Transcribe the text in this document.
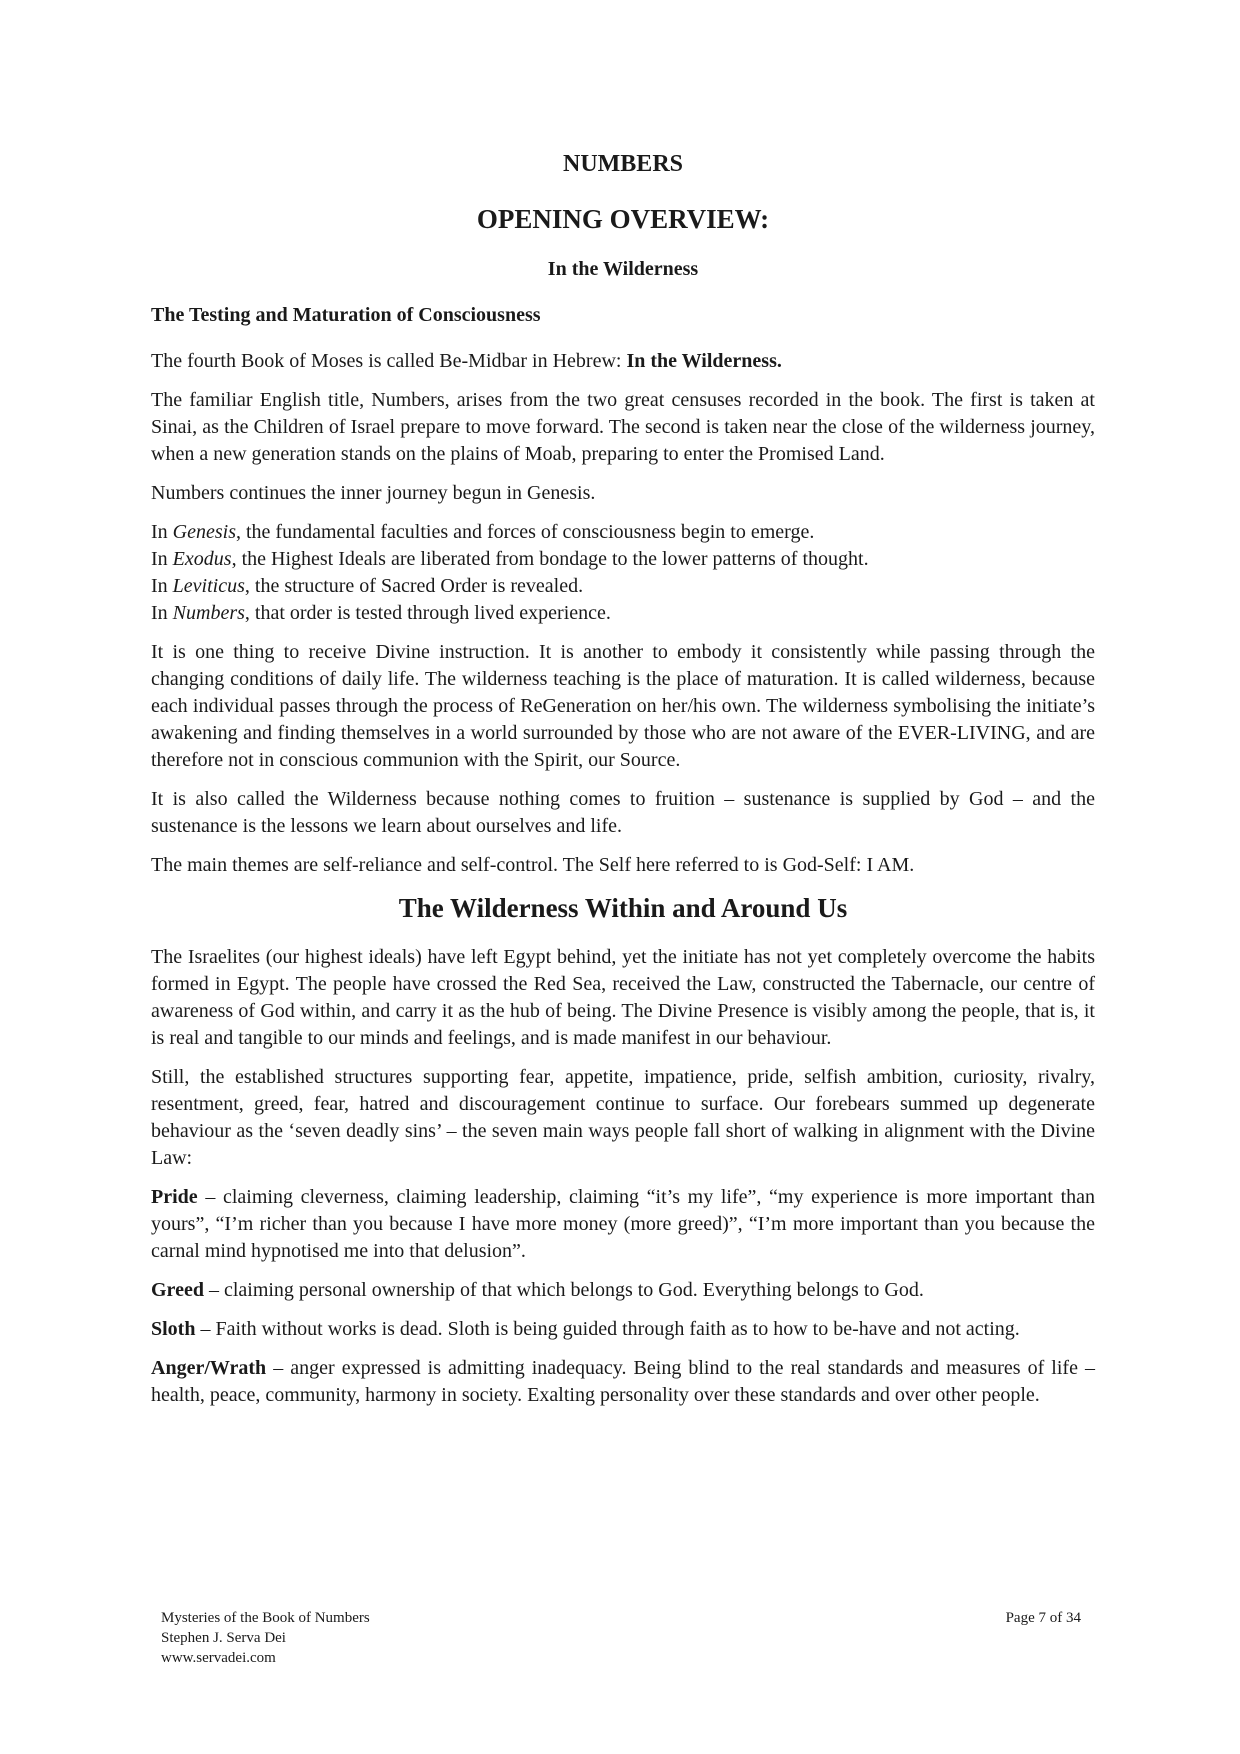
NUMBERS
OPENING OVERVIEW:
In the Wilderness
The Testing and Maturation of Consciousness

The fourth Book of Moses is called Be-Midbar in Hebrew: In the Wilderness.

The familiar English title, Numbers, arises from the two great censuses recorded in the book. The first is taken at Sinai, as the Children of Israel prepare to move forward. The second is taken near the close of the wilderness journey, when a new generation stands on the plains of Moab, preparing to enter the Promised Land.

Numbers continues the inner journey begun in Genesis.

In Genesis, the fundamental faculties and forces of consciousness begin to emerge.
In Exodus, the Highest Ideals are liberated from bondage to the lower patterns of thought.
In Leviticus, the structure of Sacred Order is revealed.
In Numbers, that order is tested through lived experience.

It is one thing to receive Divine instruction. It is another to embody it consistently while passing through the changing conditions of daily life. The wilderness teaching is the place of maturation. It is called wilderness, because each individual passes through the process of ReGeneration on her/his own. The wilderness symbolising the initiate’s awakening and finding themselves in a world surrounded by those who are not aware of the EVER-LIVING, and are therefore not in conscious communion with the Spirit, our Source.

It is also called the Wilderness because nothing comes to fruition – sustenance is supplied by God – and the sustenance is the lessons we learn about ourselves and life.

The main themes are self-reliance and self-control. The Self here referred to is God-Self: I AM.

The Wilderness Within and Around Us

The Israelites (our highest ideals) have left Egypt behind, yet the initiate has not yet completely overcome the habits formed in Egypt. The people have crossed the Red Sea, received the Law, constructed the Tabernacle, our centre of awareness of God within, and carry it as the hub of being. The Divine Presence is visibly among the people, that is, it is real and tangible to our minds and feelings, and is made manifest in our behaviour.

Still, the established structures supporting fear, appetite, impatience, pride, selfish ambition, curiosity, rivalry, resentment, greed, fear, hatred and discouragement continue to surface. Our forebears summed up degenerate behaviour as the ‘seven deadly sins’ – the seven main ways people fall short of walking in alignment with the Divine Law:

Pride – claiming cleverness, claiming leadership, claiming “it’s my life”, “my experience is more important than yours”, “I’m richer than you because I have more money (more greed)”, “I’m more important than you because the carnal mind hypnotised me into that delusion”.

Greed – claiming personal ownership of that which belongs to God. Everything belongs to God.

Sloth – Faith without works is dead. Sloth is being guided through faith as to how to be-have and not acting.

Anger/Wrath – anger expressed is admitting inadequacy. Being blind to the real standards and measures of life – health, peace, community, harmony in society. Exalting personality over these standards and over other people.

Mysteries of the Book of Numbers
Stephen J. Serva Dei
www.servadei.com
Page 7 of 34
